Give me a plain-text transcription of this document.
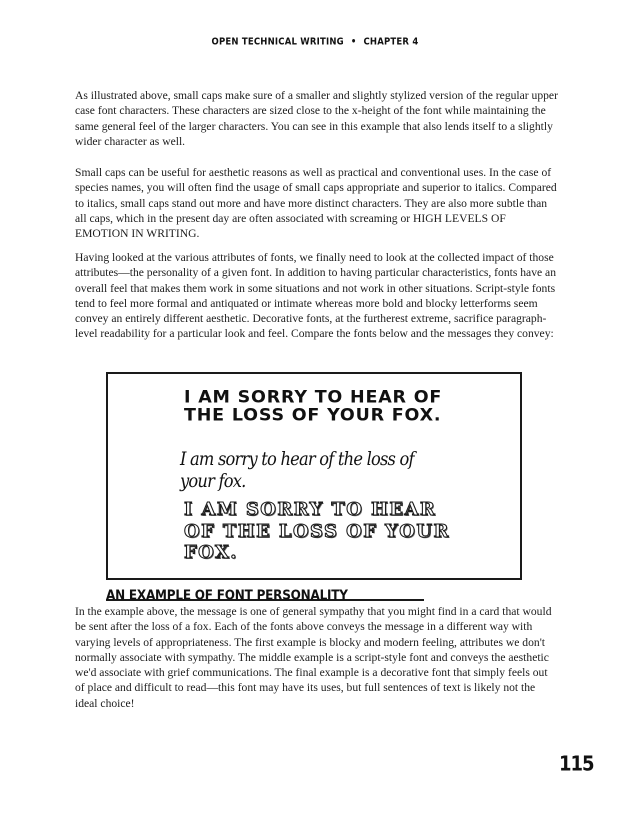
OPEN TECHNICAL WRITING • CHAPTER 4

As illustrated above, small caps make sure of a smaller and slightly stylized version of the regular upper case font characters. These characters are sized close to the x-height of the font while maintaining the same general feel of the larger characters. You can see in this example that also lends itself to a slightly wider character as well.

Small caps can be useful for aesthetic reasons as well as practical and conventional uses. In the case of species names, you will often find the usage of small caps appropriate and superior to italics. Compared to italics, small caps stand out more and have more distinct characters. They are also more subtle than all caps, which in the present day are often associated with screaming or HIGH LEVELS OF EMOTION IN WRITING.

Having looked at the various attributes of fonts, we finally need to look at the collected impact of those attributes—the personality of a given font. In addition to having particular characteristics, fonts have an overall feel that makes them work in some situations and not work in other situations. Script-style fonts tend to feel more formal and antiquated or intimate whereas more bold and blocky letterforms seem convey an entirely different aesthetic. Decorative fonts, at the furtherest extreme, sacrifice paragraph-level readability for a particular look and feel. Compare the fonts below and the messages they convey:

I AM SORRY TO HEAR OF
THE LOSS OF YOUR FOX.
I am sorry to hear of the loss of
your fox.
I AM SORRY TO HEAR
OF THE LOSS OF YOUR
FOX.
AN EXAMPLE OF FONT PERSONALITY

In the example above, the message is one of general sympathy that you might find in a card that would be sent after the loss of a fox. Each of the fonts above conveys the message in a different way with varying levels of appropriateness. The first example is blocky and modern feeling, attributes we don't normally associate with sympathy. The middle example is a script-style font and conveys the aesthetic we'd associate with grief communications. The final example is a decorative font that simply feels out of place and difficult to read—this font may have its uses, but full sentences of text is likely not the ideal choice!

115
